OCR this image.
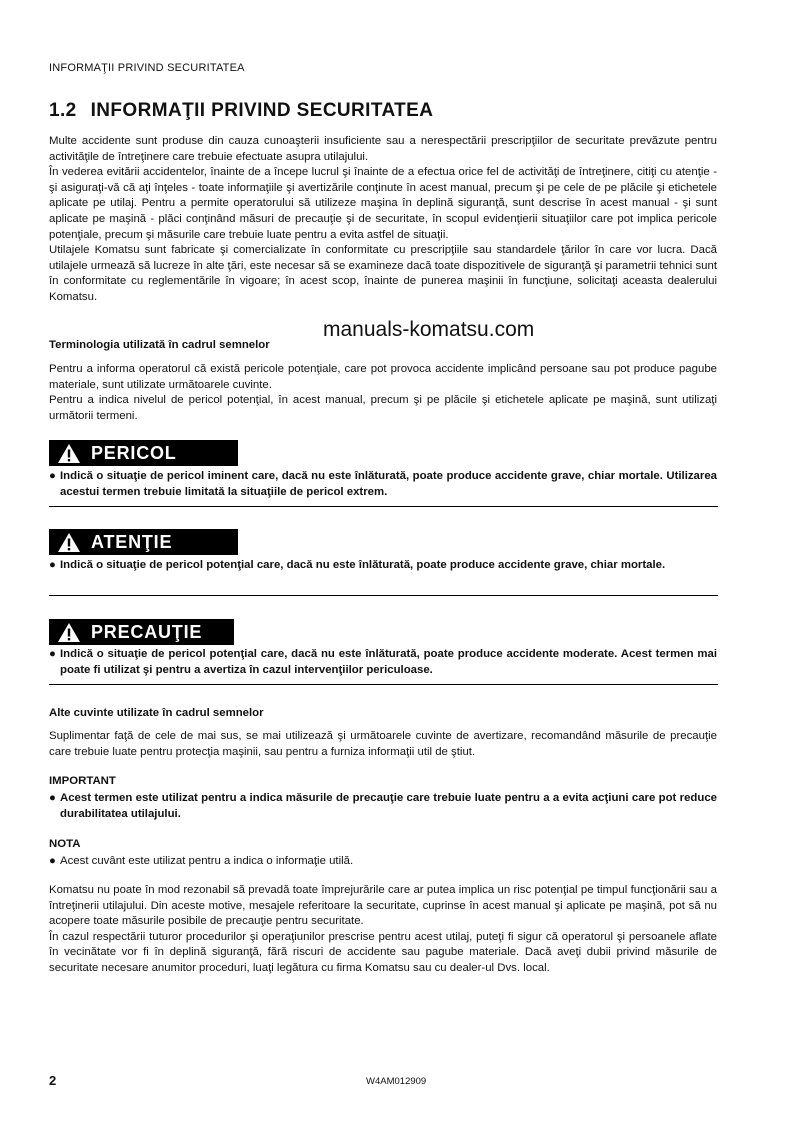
INFORMAŢII PRIVIND SECURITATEA
1.2 INFORMAŢII PRIVIND SECURITATEA

Multe accidente sunt produse din cauza cunoaşterii insuficiente sau a nerespectării prescripţiilor de securitate prevăzute pentru activităţile de întreţinere care trebuie efectuate asupra utilajului.

În vederea evitării accidentelor, înainte de a începe lucrul şi înainte de a efectua orice fel de activităţi de întreţinere, citiţi cu atenţie - şi asiguraţi-vă că aţi înţeles - toate informaţiile şi avertizările conţinute în acest manual, precum şi pe cele de pe plăcile şi etichetele aplicate pe utilaj. Pentru a permite operatorului să utilizeze maşina în deplină siguranţă, sunt descrise în acest manual - şi sunt aplicate pe maşină - plăci conţinând măsuri de precauţie şi de securitate, în scopul evidenţierii situaţiilor care pot implica pericole potenţiale, precum şi măsurile care trebuie luate pentru a evita astfel de situaţii.

Utilajele Komatsu sunt fabricate şi comercializate în conformitate cu prescripţiile sau standardele ţărilor în care vor lucra. Dacă utilajele urmează să lucreze în alte ţări, este necesar să se examineze dacă toate dispozitivele de siguranţă şi parametrii tehnici sunt în conformitate cu reglementările în vigoare; în acest scop, înainte de punerea maşinii în funcţiune, solicitaţi aceasta dealerului Komatsu.

manuals-komatsu.com
Terminologia utilizată în cadrul semnelor

Pentru a informa operatorul că există pericole potenţiale, care pot provoca accidente implicând persoane sau pot produce pagube materiale, sunt utilizate următoarele cuvinte.

Pentru a indica nivelul de pericol potenţial, în acest manual, precum şi pe plăcile şi etichetele aplicate pe maşină, sunt utilizaţi următorii termeni.

PERICOL
● Indică o situaţie de pericol iminent care, dacă nu este înlăturată, poate produce accidente grave, chiar mortale. Utilizarea acestui termen trebuie limitată la situaţiile de pericol extrem.
ATENŢIE
● Indică o situaţie de pericol potenţial care, dacă nu este înlăturată, poate produce accidente grave, chiar mortale.
PRECAUŢIE
● Indică o situaţie de pericol potenţial care, dacă nu este înlăturată, poate produce accidente moderate. Acest termen mai poate fi utilizat şi pentru a avertiza în cazul intervenţiilor periculoase.
Alte cuvinte utilizate în cadrul semnelor
Suplimentar faţă de cele de mai sus, se mai utilizează şi următoarele cuvinte de avertizare, recomandând măsurile de precauţie care trebuie luate pentru protecţia maşinii, sau pentru a furniza informaţii util de ştiut.
IMPORTANT
● Acest termen este utilizat pentru a indica măsurile de precauţie care trebuie luate pentru a a evita acţiuni care pot reduce durabilitatea utilajului.
NOTA
● Acest cuvânt este utilizat pentru a indica o informaţie utilă.

Komatsu nu poate în mod rezonabil să prevadă toate împrejurările care ar putea implica un risc potenţial pe timpul funcţionării sau a întreţinerii utilajului. Din aceste motive, mesajele referitoare la securitate, cuprinse în acest manual şi aplicate pe maşină, pot să nu acopere toate măsurile posibile de precauţie pentru securitate.

În cazul respectării tuturor procedurilor şi operaţiunilor prescrise pentru acest utilaj, puteţi fi sigur că operatorul şi persoanele aflate în vecinătate vor fi în deplină siguranţă, fără riscuri de accidente sau pagube materiale. Dacă aveţi dubii privind măsurile de securitate necesare anumitor proceduri, luaţi legătura cu firma Komatsu sau cu dealer-ul Dvs. local.

2	W4AM012909
